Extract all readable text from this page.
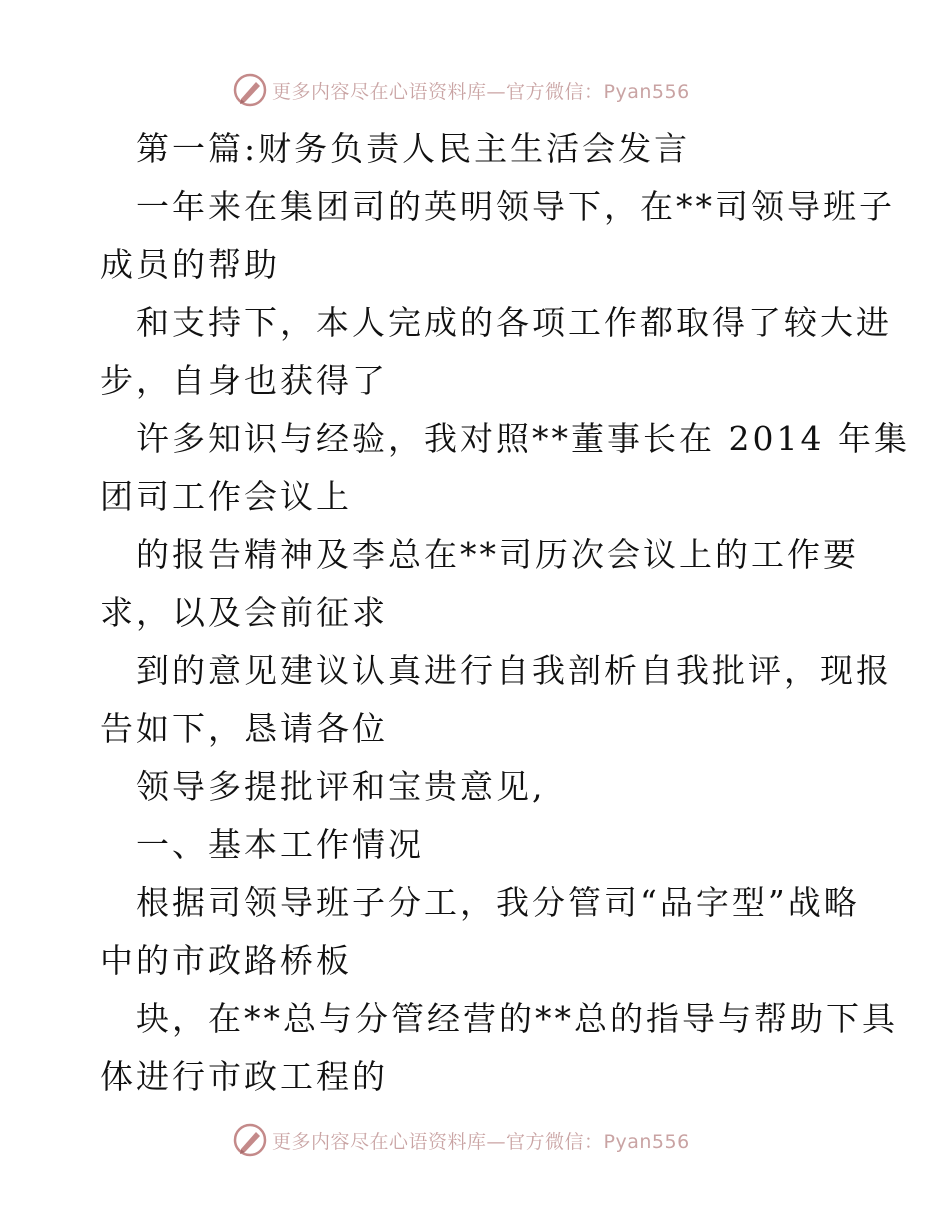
更多内容尽在心语资料库—官方微信：Pyan556
第一篇:财务负责人民主生活会发言
一年来在集团司的英明领导下，在**司领导班子
成员的帮助
和支持下，本人完成的各项工作都取得了较大进
步，自身也获得了
许多知识与经验，我对照**董事长在 2014 年集
团司工作会议上
的报告精神及李总在**司历次会议上的工作要
求，以及会前征求
到的意见建议认真进行自我剖析自我批评，现报
告如下，恳请各位
领导多提批评和宝贵意见,
一、基本工作情况
根据司领导班子分工，我分管司“品字型”战略
中的市政路桥板
块，在**总与分管经营的**总的指导与帮助下具
体进行市政工程的
更多内容尽在心语资料库—官方微信：Pyan556
